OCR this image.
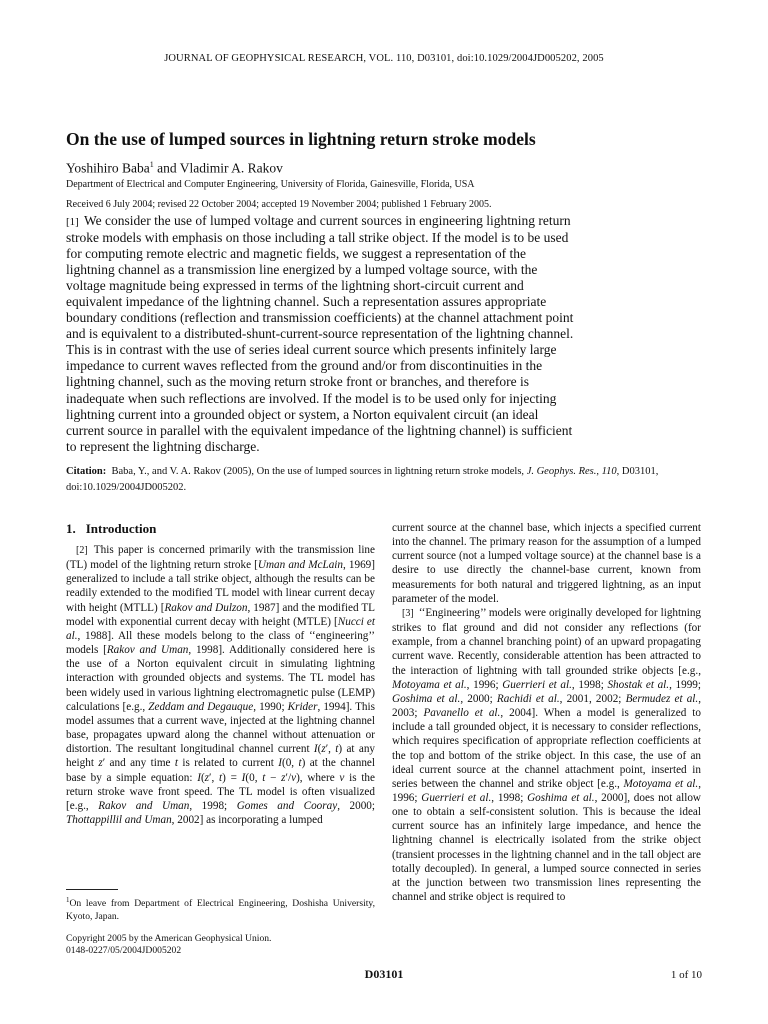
JOURNAL OF GEOPHYSICAL RESEARCH, VOL. 110, D03101, doi:10.1029/2004JD005202, 2005
On the use of lumped sources in lightning return stroke models
Yoshihiro Baba$^1$ and Vladimir A. Rakov
Department of Electrical and Computer Engineering, University of Florida, Gainesville, Florida, USA
Received 6 July 2004; revised 22 October 2004; accepted 19 November 2004; published 1 February 2005.
[1] We consider the use of lumped voltage and current sources in engineering lightning return stroke models with emphasis on those including a tall strike object. If the model is to be used for computing remote electric and magnetic fields, we suggest a representation of the lightning channel as a transmission line energized by a lumped voltage source, with the voltage magnitude being expressed in terms of the lightning short-circuit current and equivalent impedance of the lightning channel. Such a representation assures appropriate boundary conditions (reflection and transmission coefficients) at the channel attachment point and is equivalent to a distributed-shunt-current-source representation of the lightning channel. This is in contrast with the use of series ideal current source which presents infinitely large impedance to current waves reflected from the ground and/or from discontinuities in the lightning channel, such as the moving return stroke front or branches, and therefore is inadequate when such reflections are involved. If the model is to be used only for injecting lightning current into a grounded object or system, a Norton equivalent circuit (an ideal current source in parallel with the equivalent impedance of the lightning channel) is sufficient to represent the lightning discharge.
Citation: Baba, Y., and V. A. Rakov (2005), On the use of lumped sources in lightning return stroke models, J. Geophys. Res., 110, D03101, doi:10.1029/2004JD005202.
1. Introduction

[2] This paper is concerned primarily with the transmission line (TL) model of the lightning return stroke [Uman and McLain, 1969] generalized to include a tall strike object, although the results can be readily extended to the modified TL model with linear current decay with height (MTLL) [Rakov and Dulzon, 1987] and the modified TL model with exponential current decay with height (MTLE) [Nucci et al., 1988]. All these models belong to the class of ‘‘engineering’’ models [Rakov and Uman, 1998]. Additionally considered here is the use of a Norton equivalent circuit in simulating lightning interaction with grounded objects and systems. The TL model has been widely used in various lightning electromagnetic pulse (LEMP) calculations [e.g., Zeddam and Degauque, 1990; Krider, 1994]. This model assumes that a current wave, injected at the lightning channel base, propagates upward along the channel without attenuation or distortion. The resultant longitudinal channel current I(z′, t) at any height z′ and any time t is related to current I(0, t) at the channel base by a simple equation: I(z′, t) = I(0, t − z′/v), where v is the return stroke wave front speed. The TL model is often visualized [e.g., Rakov and Uman, 1998; Gomes and Cooray, 2000; Thottappillil and Uman, 2002] as incorporating a lumped

current source at the channel base, which injects a specified current into the channel. The primary reason for the assumption of a lumped current source (not a lumped voltage source) at the channel base is a desire to use directly the channel-base current, known from measurements for both natural and triggered lightning, as an input parameter of the model.

[3] ‘‘Engineering’’ models were originally developed for lightning strikes to flat ground and did not consider any reflections (for example, from a channel branching point) of an upward propagating current wave. Recently, considerable attention has been attracted to the interaction of lightning with tall grounded strike objects [e.g., Motoyama et al., 1996; Guerrieri et al., 1998; Shostak et al., 1999; Goshima et al., 2000; Rachidi et al., 2001, 2002; Bermudez et al., 2003; Pavanello et al., 2004]. When a model is generalized to include a tall grounded object, it is necessary to consider reflections, which requires specification of appropriate reflection coefficients at the top and bottom of the strike object. In this case, the use of an ideal current source at the channel attachment point, inserted in series between the channel and strike object [e.g., Motoyama et al., 1996; Guerrieri et al., 1998; Goshima et al., 2000], does not allow one to obtain a self-consistent solution. This is because the ideal current source has an infinitely large impedance, and hence the lightning channel is electrically isolated from the strike object (transient processes in the lightning channel and in the tall object are totally decoupled). In general, a lumped source connected in series at the junction between two transmission lines representing the channel and strike object is required to

$^1$On leave from Department of Electrical Engineering, Doshisha University, Kyoto, Japan.
Copyright 2005 by the American Geophysical Union.
0148-0227/05/2004JD005202
D03101	1 of 10
